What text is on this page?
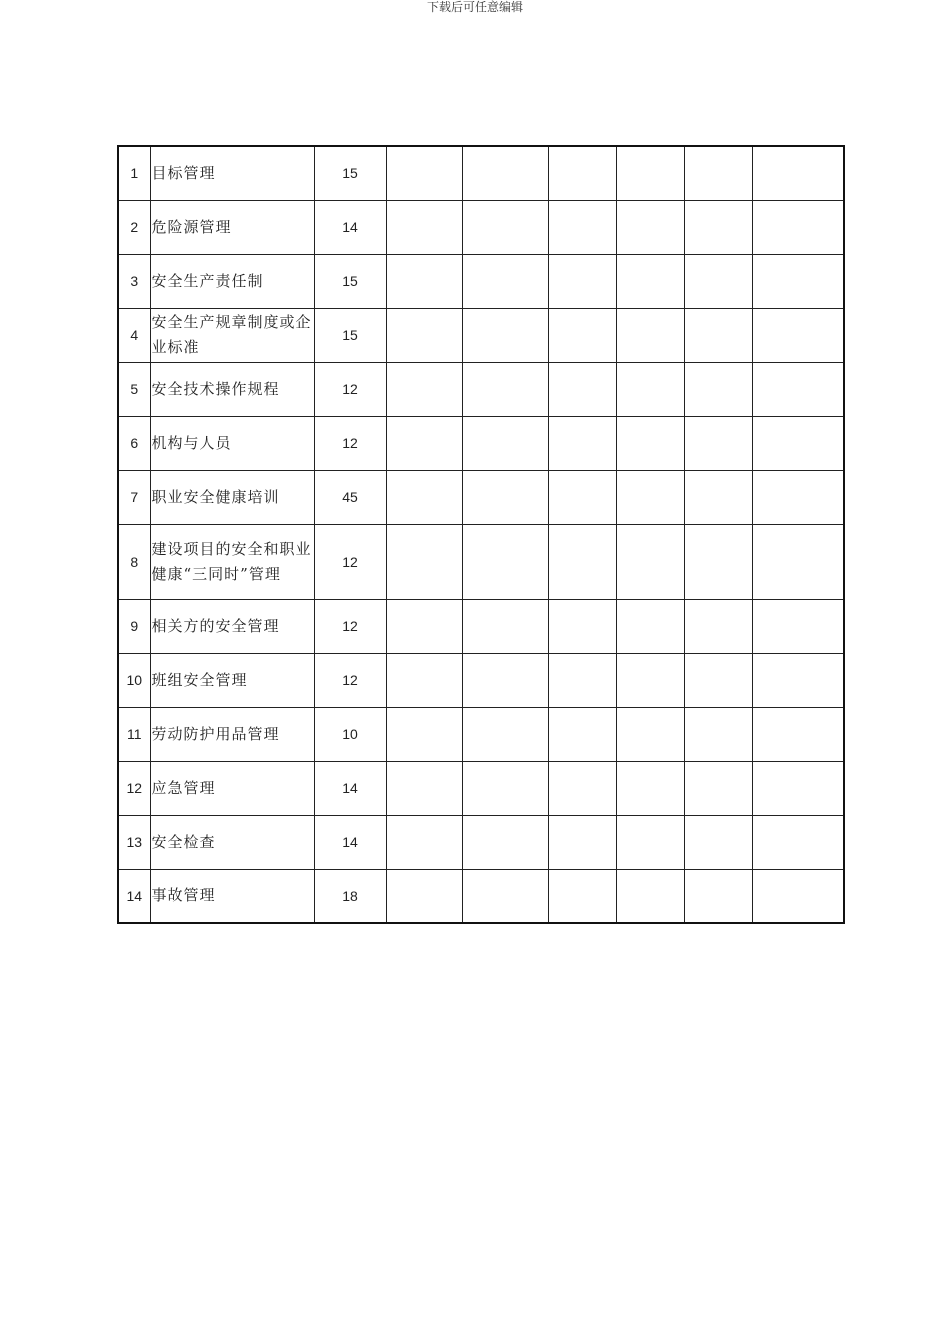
下载后可任意编辑
1	目标管理	15						
2	危险源管理	14						
3	安全生产责任制	15						
4	安全生产规章制度或企业标准	15						
5	安全技术操作规程	12						
6	机构与人员	12						
7	职业安全健康培训	45						
8	建设项目的安全和职业健康“三同时”管理	12						
9	相关方的安全管理	12						
10	班组安全管理	12						
11	劳动防护用品管理	10						
12	应急管理	14						
13	安全检查	14						
14	事故管理	18						
